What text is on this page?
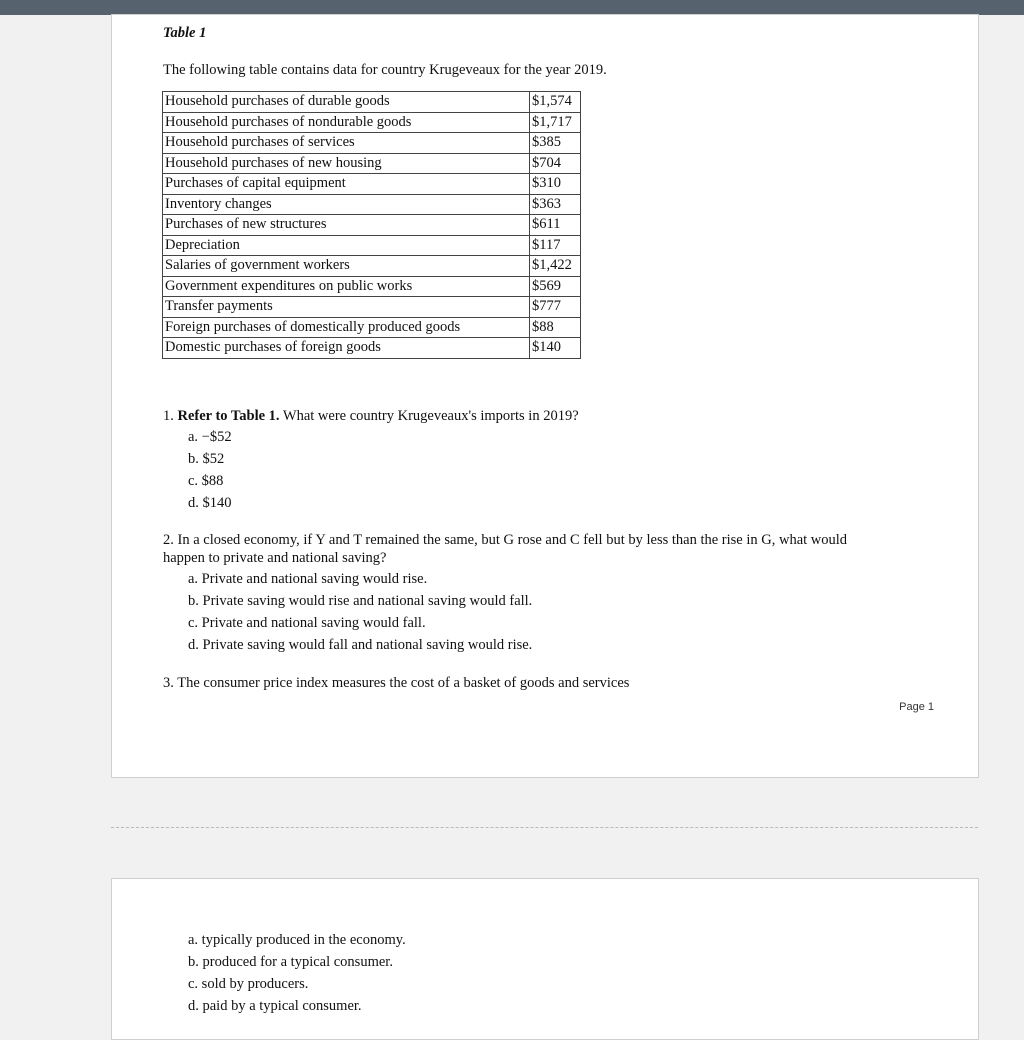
Table 1
The following table contains data for country Krugeveaux for the year 2019.
Household purchases of durable goods	$1,574
Household purchases of nondurable goods	$1,717
Household purchases of services	$385
Household purchases of new housing	$704
Purchases of capital equipment	$310
Inventory changes	$363
Purchases of new structures	$611
Depreciation	$117
Salaries of government workers	$1,422
Government expenditures on public works	$569
Transfer payments	$777
Foreign purchases of domestically produced goods	$88
Domestic purchases of foreign goods	$140
1. Refer to Table 1. What were country Krugeveaux's imports in 2019?
a. −$52
b. $52
c. $88
d. $140
2. In a closed economy, if Y and T remained the same, but G rose and C fell but by less than the rise in G, what would
happen to private and national saving?
a. Private and national saving would rise.
b. Private saving would rise and national saving would fall.
c. Private and national saving would fall.
d. Private saving would fall and national saving would rise.
3. The consumer price index measures the cost of a basket of goods and services
Page 1
a. typically produced in the economy.
b. produced for a typical consumer.
c. sold by producers.
d. paid by a typical consumer.
